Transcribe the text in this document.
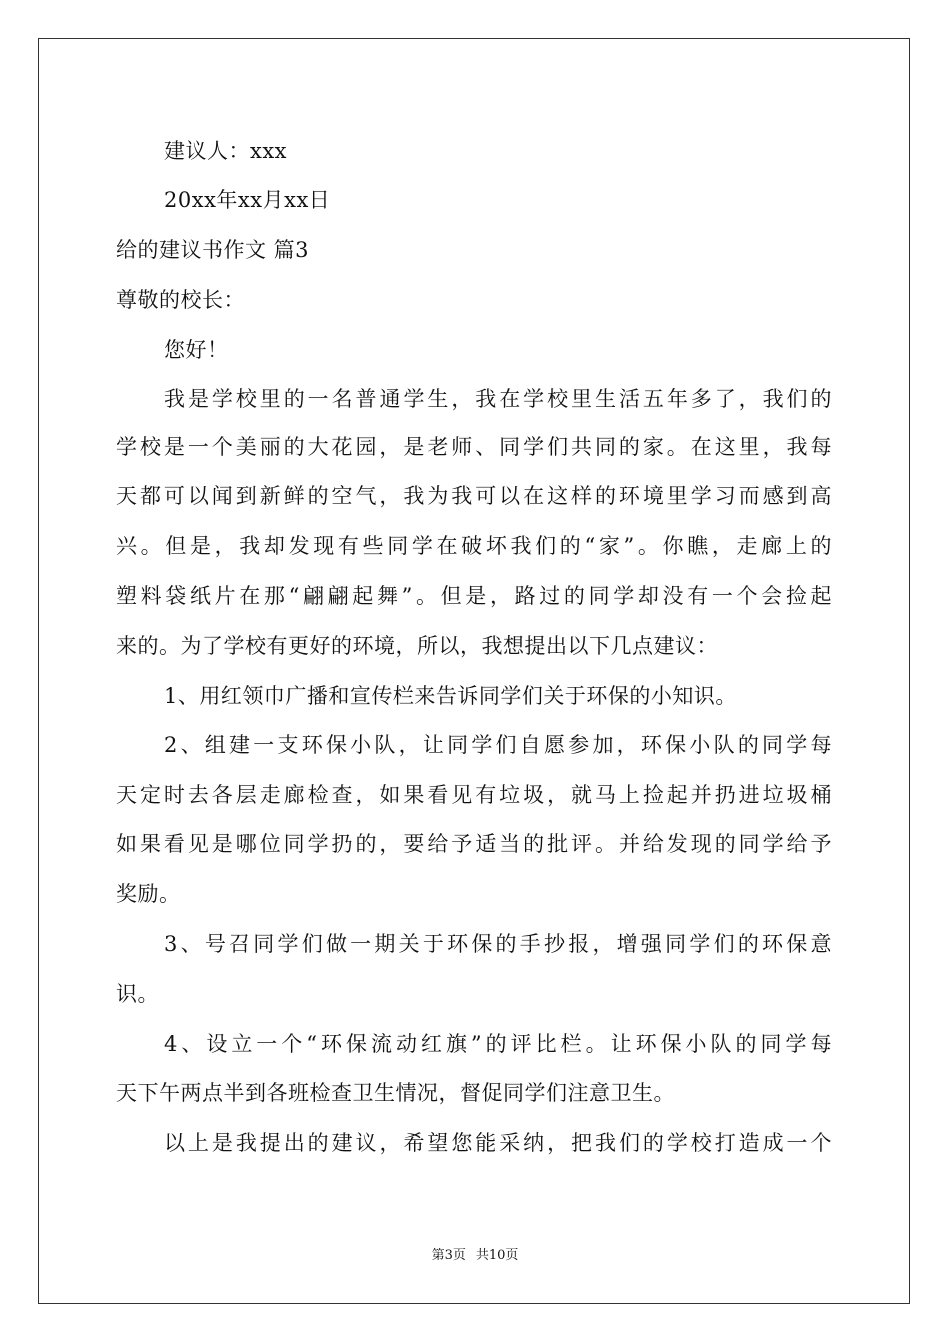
建议人：xxx
20xx年xx月xx日
给的建议书作文 篇3
尊敬的校长：
您好！
我是学校里的一名普通学生，我在学校里生活五年多了，我们的
学校是一个美丽的大花园，是老师、同学们共同的家。在这里，我每
天都可以闻到新鲜的空气，我为我可以在这样的环境里学习而感到高
兴。但是，我却发现有些同学在破坏我们的“家”。你瞧，走廊上的
塑料袋纸片在那“翩翩起舞”。但是，路过的同学却没有一个会捡起
来的。为了学校有更好的环境，所以，我想提出以下几点建议：
1、用红领巾广播和宣传栏来告诉同学们关于环保的小知识。
2、组建一支环保小队，让同学们自愿参加，环保小队的同学每
天定时去各层走廊检查，如果看见有垃圾，就马上捡起并扔进垃圾桶
如果看见是哪位同学扔的，要给予适当的批评。并给发现的同学给予
奖励。
3、号召同学们做一期关于环保的手抄报，增强同学们的环保意
识。
4、设立一个“环保流动红旗”的评比栏。让环保小队的同学每
天下午两点半到各班检查卫生情况，督促同学们注意卫生。
以上是我提出的建议，希望您能采纳，把我们的学校打造成一个
第3页 共10页
